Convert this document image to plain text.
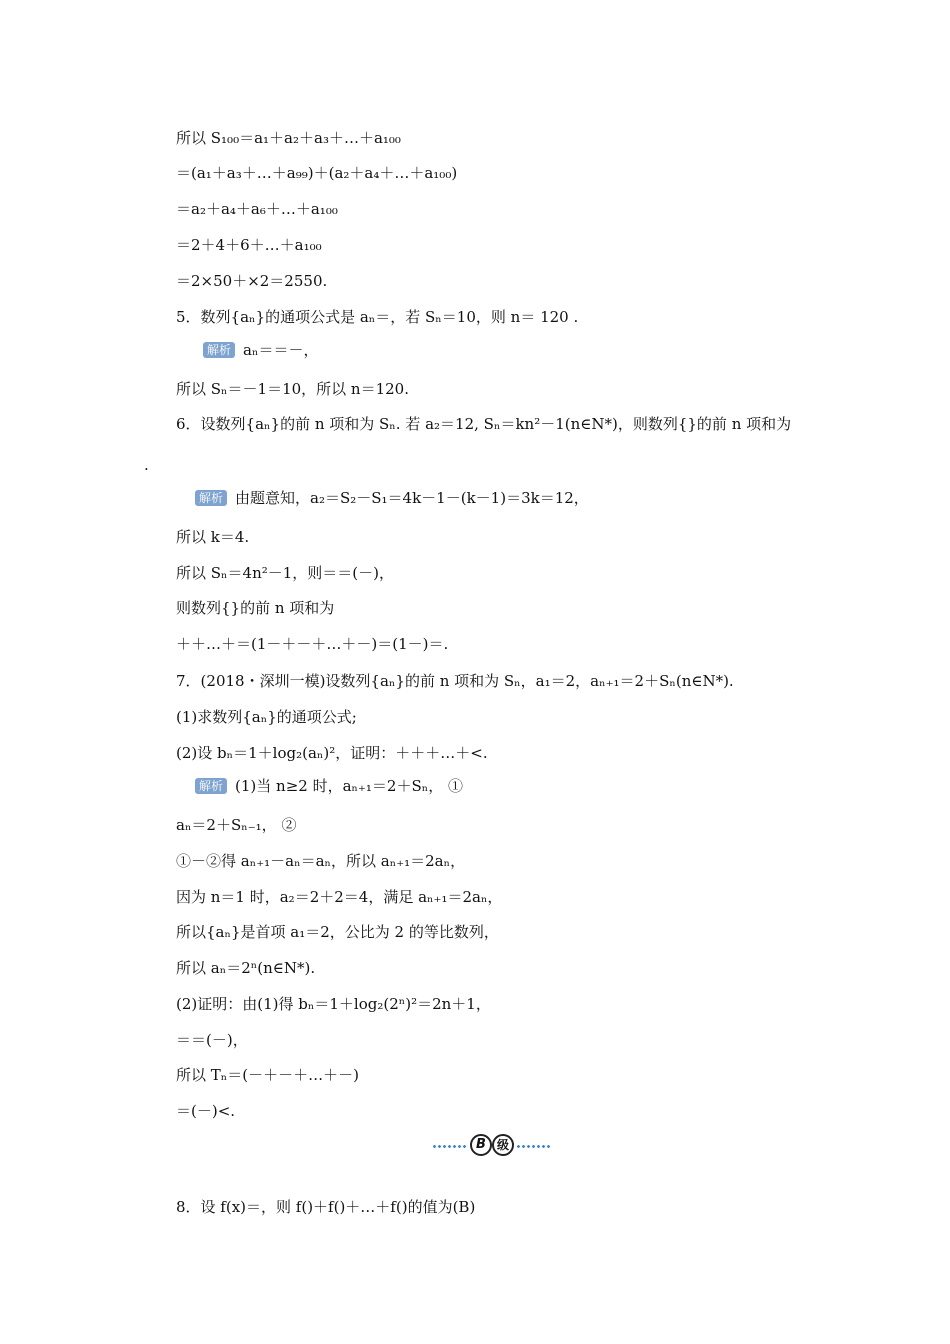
所以 S₁₀₀＝a₁＋a₂＋a₃＋…＋a₁₀₀
＝(a₁＋a₃＋…＋a₉₉)＋(a₂＋a₄＋…＋a₁₀₀)
＝a₂＋a₄＋a₆＋…＋a₁₀₀
＝2＋4＋6＋…＋a₁₀₀
＝2×50＋×2＝2550.
5．数列{aₙ}的通项公式是 aₙ＝，若 Sₙ＝10，则 n＝ 120 .
解析 aₙ＝＝－，
所以 Sₙ＝－1＝10，所以 n＝120.
6．设数列{aₙ}的前 n 项和为 Sₙ. 若 a₂＝12, Sₙ＝kn²－1(n∈N*)，则数列{}的前 n 项和为
.
解析 由题意知，a₂＝S₂－S₁＝4k－1－(k－1)＝3k＝12，
所以 k＝4.
所以 Sₙ＝4n²－1，则＝＝(－)，
则数列{}的前 n 项和为
＋＋…＋＝(1－＋－＋…＋－)＝(1－)＝.
7．(2018・深圳一模)设数列{aₙ}的前 n 项和为 Sₙ，a₁＝2，aₙ₊₁＝2＋Sₙ(n∈N*).
(1)求数列{aₙ}的通项公式;
(2)设 bₙ＝1＋log₂(aₙ)²，证明：＋＋＋…＋<.
解析 (1)当 n≥2 时，aₙ₊₁＝2＋Sₙ， ①
aₙ＝2＋Sₙ₋₁， ②
①－②得 aₙ₊₁－aₙ＝aₙ，所以 aₙ₊₁＝2aₙ，
因为 n＝1 时，a₂＝2＋2＝4，满足 aₙ₊₁＝2aₙ，
所以{aₙ}是首项 a₁＝2，公比为 2 的等比数列，
所以 aₙ＝2ⁿ(n∈N*).
(2)证明：由(1)得 bₙ＝1＋log₂(2ⁿ)²＝2n＋1，
＝＝(－)，
所以 Tₙ＝(－＋－＋…＋－)
＝(－)<.
B 级
8．设 f(x)＝，则 f()＋f()＋…＋f()的值为(B)
